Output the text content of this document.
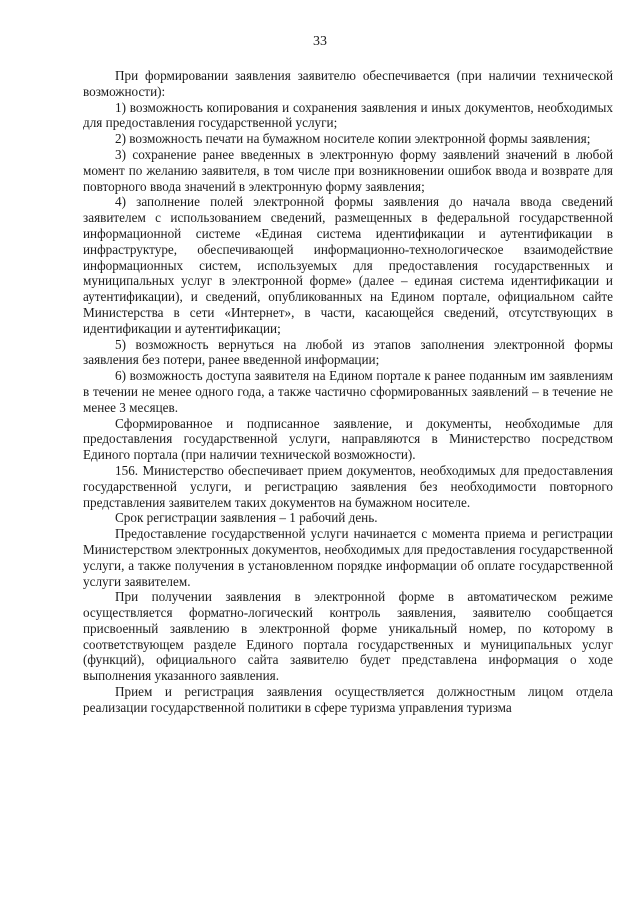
33

При формировании заявления заявителю обеспечивается (при наличии технической возможности):

1) возможность копирования и сохранения заявления и иных документов, необходимых для предоставления государственной услуги;

2) возможность печати на бумажном носителе копии электронной формы заявления;

3) сохранение ранее введенных в электронную форму заявлений значений в любой момент по желанию заявителя, в том числе при возникновении ошибок ввода и возврате для повторного ввода значений в электронную форму заявления;

4) заполнение полей электронной формы заявления до начала ввода сведений заявителем с использованием сведений, размещенных в федеральной государственной информационной системе «Единая система идентификации и аутентификации в инфраструктуре, обеспечивающей информационно-технологическое взаимодействие информационных систем, используемых для предоставления государственных и муниципальных услуг в электронной форме» (далее – единая система идентификации и аутентификации), и сведений, опубликованных на Едином портале, официальном сайте Министерства в сети «Интернет», в части, касающейся сведений, отсутствующих в идентификации и аутентификации;

5) возможность вернуться на любой из этапов заполнения электронной формы заявления без потери, ранее введенной информации;

6) возможность доступа заявителя на Едином портале к ранее поданным им заявлениям в течении не менее одного года, а также частично сформированных заявлений – в течение не менее 3 месяцев.

Сформированное и подписанное заявление, и документы, необходимые для предоставления государственной услуги, направляются в Министерство посредством Единого портала (при наличии технической возможности).

156. Министерство обеспечивает прием документов, необходимых для предоставления государственной услуги, и регистрацию заявления без необходимости повторного представления заявителем таких документов на бумажном носителе.

Срок регистрации заявления – 1 рабочий день.

Предоставление государственной услуги начинается с момента приема и регистрации Министерством электронных документов, необходимых для предоставления государственной услуги, а также получения в установленном порядке информации об оплате государственной услуги заявителем.

При получении заявления в электронной форме в автоматическом режиме осуществляется форматно-логический контроль заявления, заявителю сообщается присвоенный заявлению в электронной форме уникальный номер, по которому в соответствующем разделе Единого портала государственных и муниципальных услуг (функций), официального сайта заявителю будет представлена информация о ходе выполнения указанного заявления.

Прием и регистрация заявления осуществляется должностным лицом отдела реализации государственной политики в сфере туризма управления туризма
